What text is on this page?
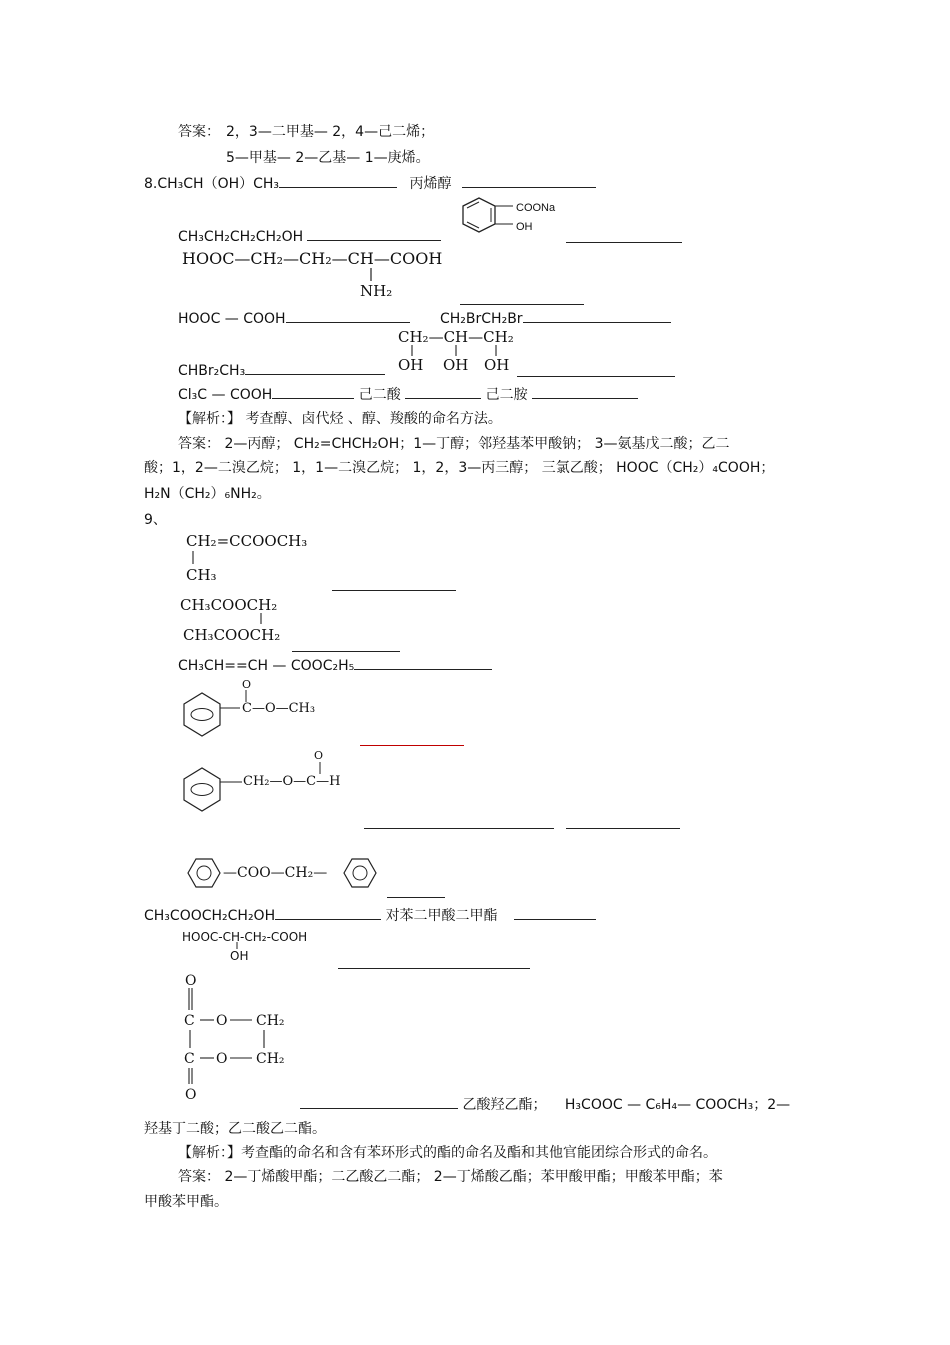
答案： 2，3—二甲基— 2，4—己二烯；
5—甲基— 2—乙基— 1—庚烯。
8.CH₃CH（OH）CH₃	丙烯醇
COONa
OH
CH₃CH₂CH₂CH₂OH
HOOC—CH₂—CH₂—CH—COOH
NH₂
HOOC — COOH	CH₂BrCH₂Br
CH₂—CH—CH₂
OH OH OH
CHBr₂CH₃
Cl₃C — COOH	己二酸	己二胺
【解析：】 考查醇、卤代烃 、醇、羧酸的命名方法。
答案： 2—丙醇； CH₂=CHCH₂OH；1—丁醇；邻羟基苯甲酸钠； 3—氨基戊二酸；乙二
酸；1，2—二溴乙烷； 1，1—二溴乙烷； 1，2，3—丙三醇； 三氯乙酸； HOOC（CH₂）₄COOH；
H₂N（CH₂）₆NH₂。
9、
CH₂=CCOOCH₃
CH₃
CH₃COOCH₂
CH₃COOCH₂
CH₃CH==CH — COOC₂H₅
O
C—O—CH₃
O
CH₂—O—C—H
—COO—CH₂—
CH₃COOCH₂CH₂OH	对苯二甲酸二甲酯
HOOC-CH-CH₂-COOH
OH
O
C O CH₂
C O CH₂
O
乙酸羟乙酯； H₃COOC — C₆H₄— COOCH₃；2—
羟基丁二酸；乙二酸乙二酯。
【解析：】考查酯的命名和含有苯环形式的酯的命名及酯和其他官能团综合形式的命名。
答案： 2—丁烯酸甲酯；二乙酸乙二酯； 2—丁烯酸乙酯；苯甲酸甲酯；甲酸苯甲酯；苯
甲酸苯甲酯。
